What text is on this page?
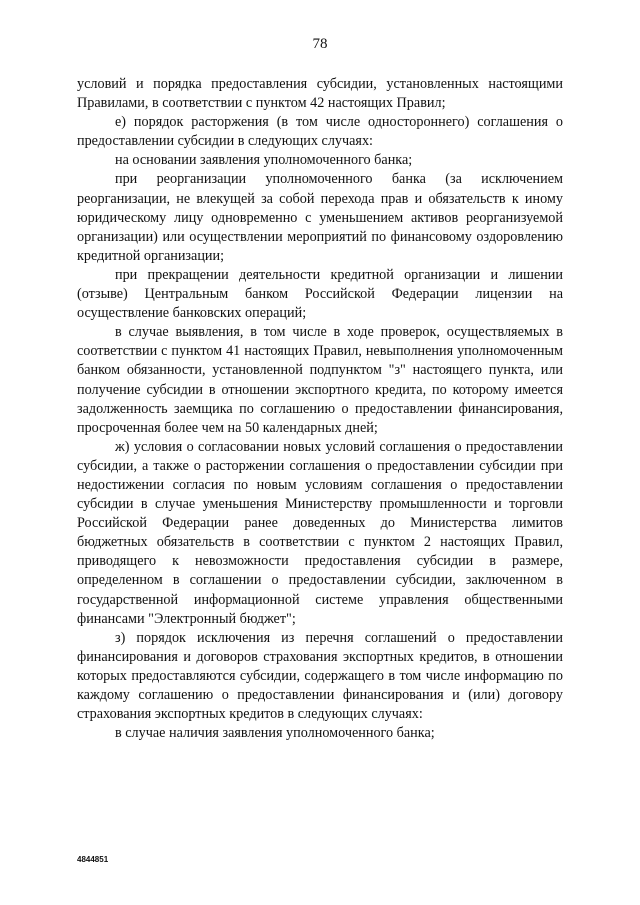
78

условий и порядка предоставления субсидии, установленных настоящими Правилами, в соответствии с пунктом 42 настоящих Правил;

е) порядок расторжения (в том числе одностороннего) соглашения о предоставлении субсидии в следующих случаях:

на основании заявления уполномоченного банка;

при реорганизации уполномоченного банка (за исключением реорганизации, не влекущей за собой перехода прав и обязательств к иному юридическому лицу одновременно с уменьшением активов реорганизуемой организации) или осуществлении мероприятий по финансовому оздоровлению кредитной организации;

при прекращении деятельности кредитной организации и лишении (отзыве) Центральным банком Российской Федерации лицензии на осуществление банковских операций;

в случае выявления, в том числе в ходе проверок, осуществляемых в соответствии с пунктом 41 настоящих Правил, невыполнения уполномоченным банком обязанности, установленной подпунктом "з" настоящего пункта, или получение субсидии в отношении экспортного кредита, по которому имеется задолженность заемщика по соглашению о предоставлении финансирования, просроченная более чем на 50 календарных дней;

ж) условия о согласовании новых условий соглашения о предоставлении субсидии, а также о расторжении соглашения о предоставлении субсидии при недостижении согласия по новым условиям соглашения о предоставлении субсидии в случае уменьшения Министерству промышленности и торговли Российской Федерации ранее доведенных до Министерства лимитов бюджетных обязательств в соответствии с пунктом 2 настоящих Правил, приводящего к невозможности предоставления субсидии в размере, определенном в соглашении о предоставлении субсидии, заключенном в государственной информационной системе управления общественными финансами "Электронный бюджет";

з) порядок исключения из перечня соглашений о предоставлении финансирования и договоров страхования экспортных кредитов, в отношении которых предоставляются субсидии, содержащего в том числе информацию по каждому соглашению о предоставлении финансирования и (или) договору страхования экспортных кредитов в следующих случаях:

в случае наличия заявления уполномоченного банка;

4844851
